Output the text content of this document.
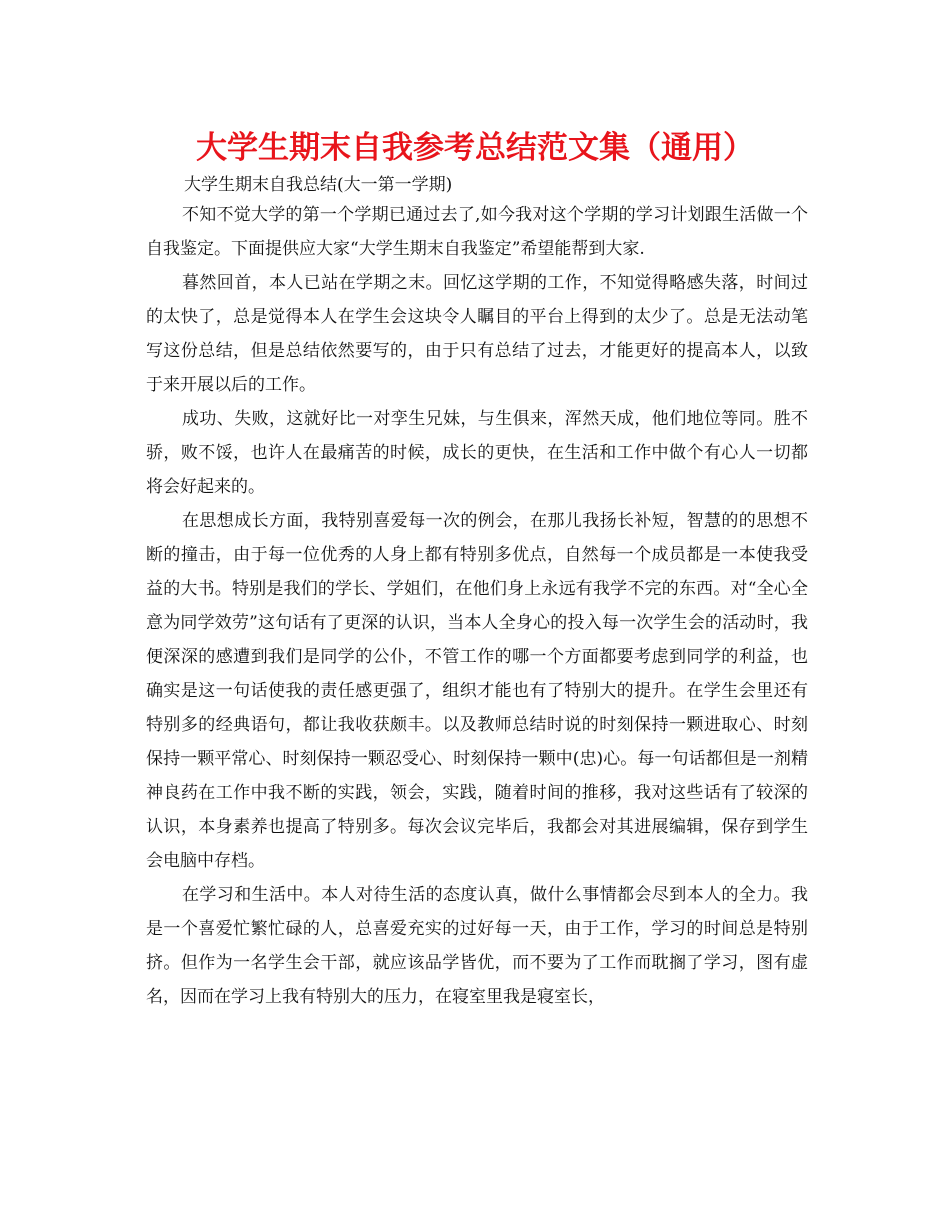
大学生期末自我参考总结范文集（通用）

大学生期末自我总结(大一第一学期)

不知不觉大学的第一个学期已通过去了,如今我对这个学期的学习计划跟生活做一个自我鉴定。下面提供应大家“大学生期末自我鉴定”希望能帮到大家.

暮然回首，本人已站在学期之末。回忆这学期的工作，不知觉得略感失落，时间过的太快了，总是觉得本人在学生会这块令人瞩目的平台上得到的太少了。总是无法动笔写这份总结，但是总结依然要写的，由于只有总结了过去，才能更好的提高本人，以致于来开展以后的工作。

成功、失败，这就好比一对孪生兄妹，与生俱来，浑然天成，他们地位等同。胜不骄，败不馁，也许人在最痛苦的时候，成长的更快，在生活和工作中做个有心人一切都将会好起来的。

在思想成长方面，我特别喜爱每一次的例会，在那儿我扬长补短，智慧的的思想不断的撞击，由于每一位优秀的人身上都有特别多优点，自然每一个成员都是一本使我受益的大书。特别是我们的学长、学姐们，在他们身上永远有我学不完的东西。对“全心全意为同学效劳”这句话有了更深的认识，当本人全身心的投入每一次学生会的活动时，我便深深的感遭到我们是同学的公仆，不管工作的哪一个方面都要考虑到同学的利益，也确实是这一句话使我的责任感更强了，组织才能也有了特别大的提升。在学生会里还有特别多的经典语句，都让我收获颇丰。以及教师总结时说的时刻保持一颗进取心、时刻保持一颗平常心、时刻保持一颗忍受心、时刻保持一颗中(忠)心。每一句话都但是一剂精神良药在工作中我不断的实践，领会，实践，随着时间的推移，我对这些话有了较深的认识，本身素养也提高了特别多。每次会议完毕后，我都会对其进展编辑，保存到学生会电脑中存档。

在学习和生活中。本人对待生活的态度认真，做什么事情都会尽到本人的全力。我是一个喜爱忙繁忙碌的人，总喜爱充实的过好每一天，由于工作，学习的时间总是特别挤。但作为一名学生会干部，就应该品学皆优，而不要为了工作而耽搁了学习，图有虚名，因而在学习上我有特别大的压力，在寝室里我是寝室长，
